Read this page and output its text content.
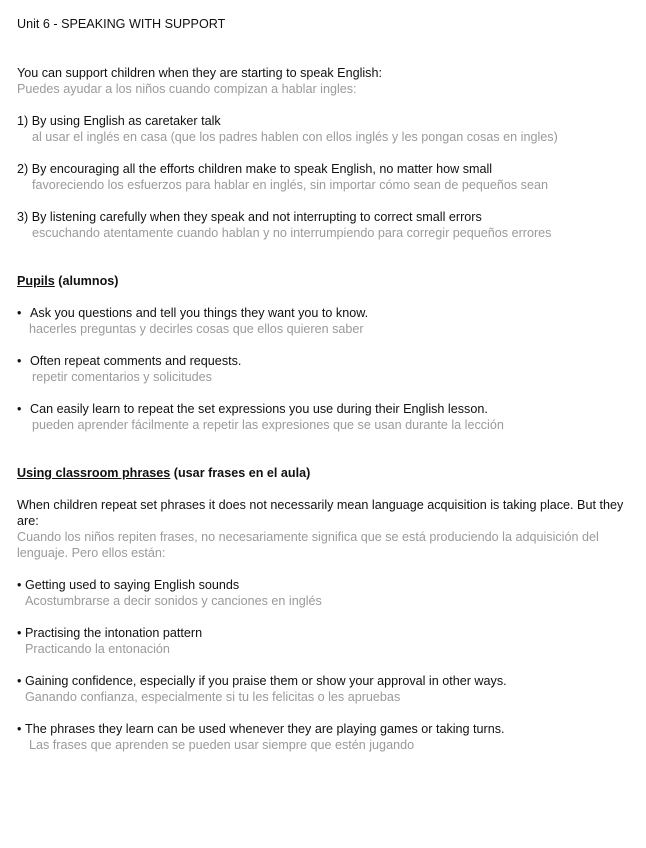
Unit 6 - SPEAKING WITH SUPPORT
You can support children when they are starting to speak English:
Puedes ayudar a los niños cuando compizan a hablar ingles:
1) By using English as caretaker talk
al usar el inglés en casa (que los padres hablen con ellos inglés y les pongan cosas en ingles)
2) By encouraging all the efforts children make to speak English, no matter how small
favoreciendo los esfuerzos para hablar en inglés, sin importar cómo sean de pequeños sean
3) By listening carefully when they speak and not interrupting to correct small errors
escuchando atentamente cuando hablan y no interrumpiendo para corregir pequeños errores
Pupils (alumnos)
• Ask you questions and tell you things they want you to know.
hacerles preguntas y decirles cosas que ellos quieren saber
• Often repeat comments and requests.
repetir comentarios y solicitudes
• Can easily learn to repeat the set expressions you use during their English lesson.
pueden aprender fácilmente a repetir las expresiones que se usan durante la lección
Using classroom phrases (usar frases en el aula)
When children repeat set phrases it does not necessarily mean language acquisition is taking place. But they are:
Cuando los niños repiten frases, no necesariamente significa que se está produciendo la adquisición del lenguaje. Pero ellos están:
• Getting used to saying English sounds
Acostumbrarse a decir sonidos y canciones en inglés
• Practising the intonation pattern
Practicando la entonación
• Gaining confidence, especially if you praise them or show your approval in other ways.
Ganando confianza, especialmente si tu les felicitas o les apruebas
• The phrases they learn can be used whenever they are playing games or taking turns.
Las frases que aprenden se pueden usar siempre que estén jugando
